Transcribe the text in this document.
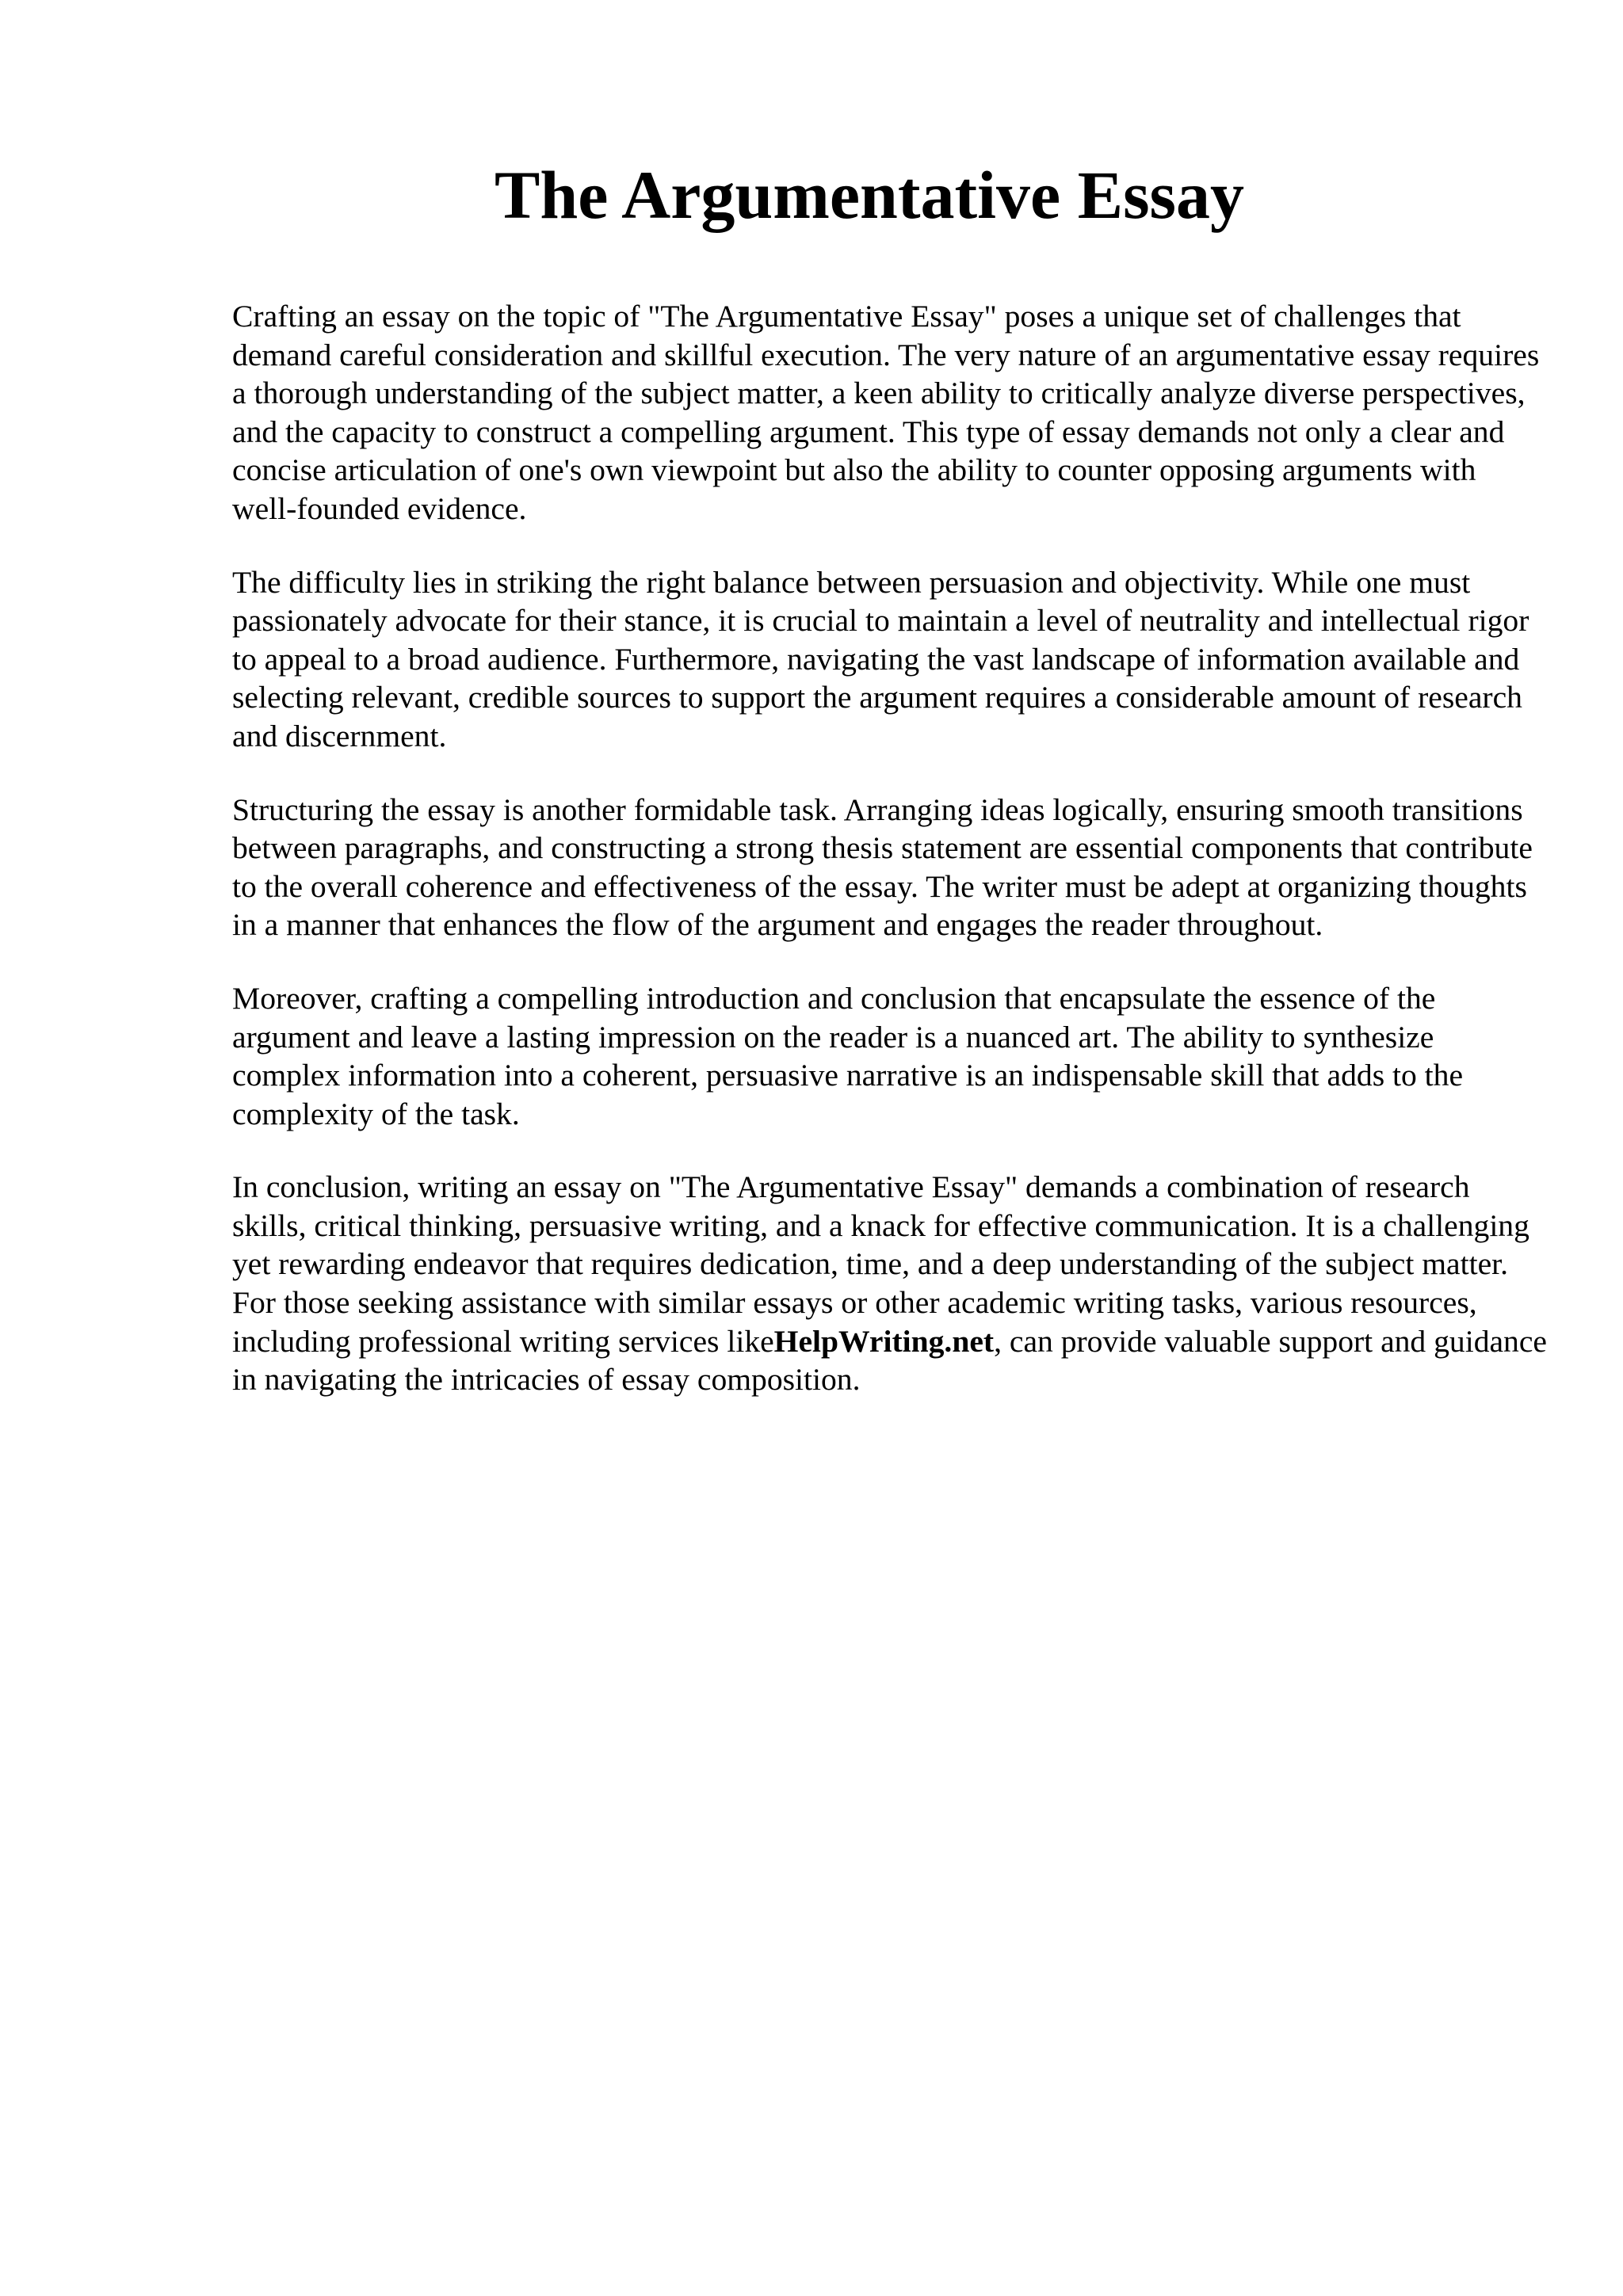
The Argumentative Essay

Crafting an essay on the topic of "The Argumentative Essay" poses a unique set of challenges that demand careful consideration and skillful execution. The very nature of an argumentative essay requires a thorough understanding of the subject matter, a keen ability to critically analyze diverse perspectives, and the capacity to construct a compelling argument. This type of essay demands not only a clear and concise articulation of one's own viewpoint but also the ability to counter opposing arguments with well-founded evidence.

The difficulty lies in striking the right balance between persuasion and objectivity. While one must passionately advocate for their stance, it is crucial to maintain a level of neutrality and intellectual rigor to appeal to a broad audience. Furthermore, navigating the vast landscape of information available and selecting relevant, credible sources to support the argument requires a considerable amount of research and discernment.

Structuring the essay is another formidable task. Arranging ideas logically, ensuring smooth transitions between paragraphs, and constructing a strong thesis statement are essential components that contribute to the overall coherence and effectiveness of the essay. The writer must be adept at organizing thoughts in a manner that enhances the flow of the argument and engages the reader throughout.

Moreover, crafting a compelling introduction and conclusion that encapsulate the essence of the argument and leave a lasting impression on the reader is a nuanced art. The ability to synthesize complex information into a coherent, persuasive narrative is an indispensable skill that adds to the complexity of the task.

In conclusion, writing an essay on "The Argumentative Essay" demands a combination of research skills, critical thinking, persuasive writing, and a knack for effective communication. It is a challenging yet rewarding endeavor that requires dedication, time, and a deep understanding of the subject matter. For those seeking assistance with similar essays or other academic writing tasks, various resources, including professional writing services likeHelpWriting.net, can provide valuable support and guidance in navigating the intricacies of essay composition.
